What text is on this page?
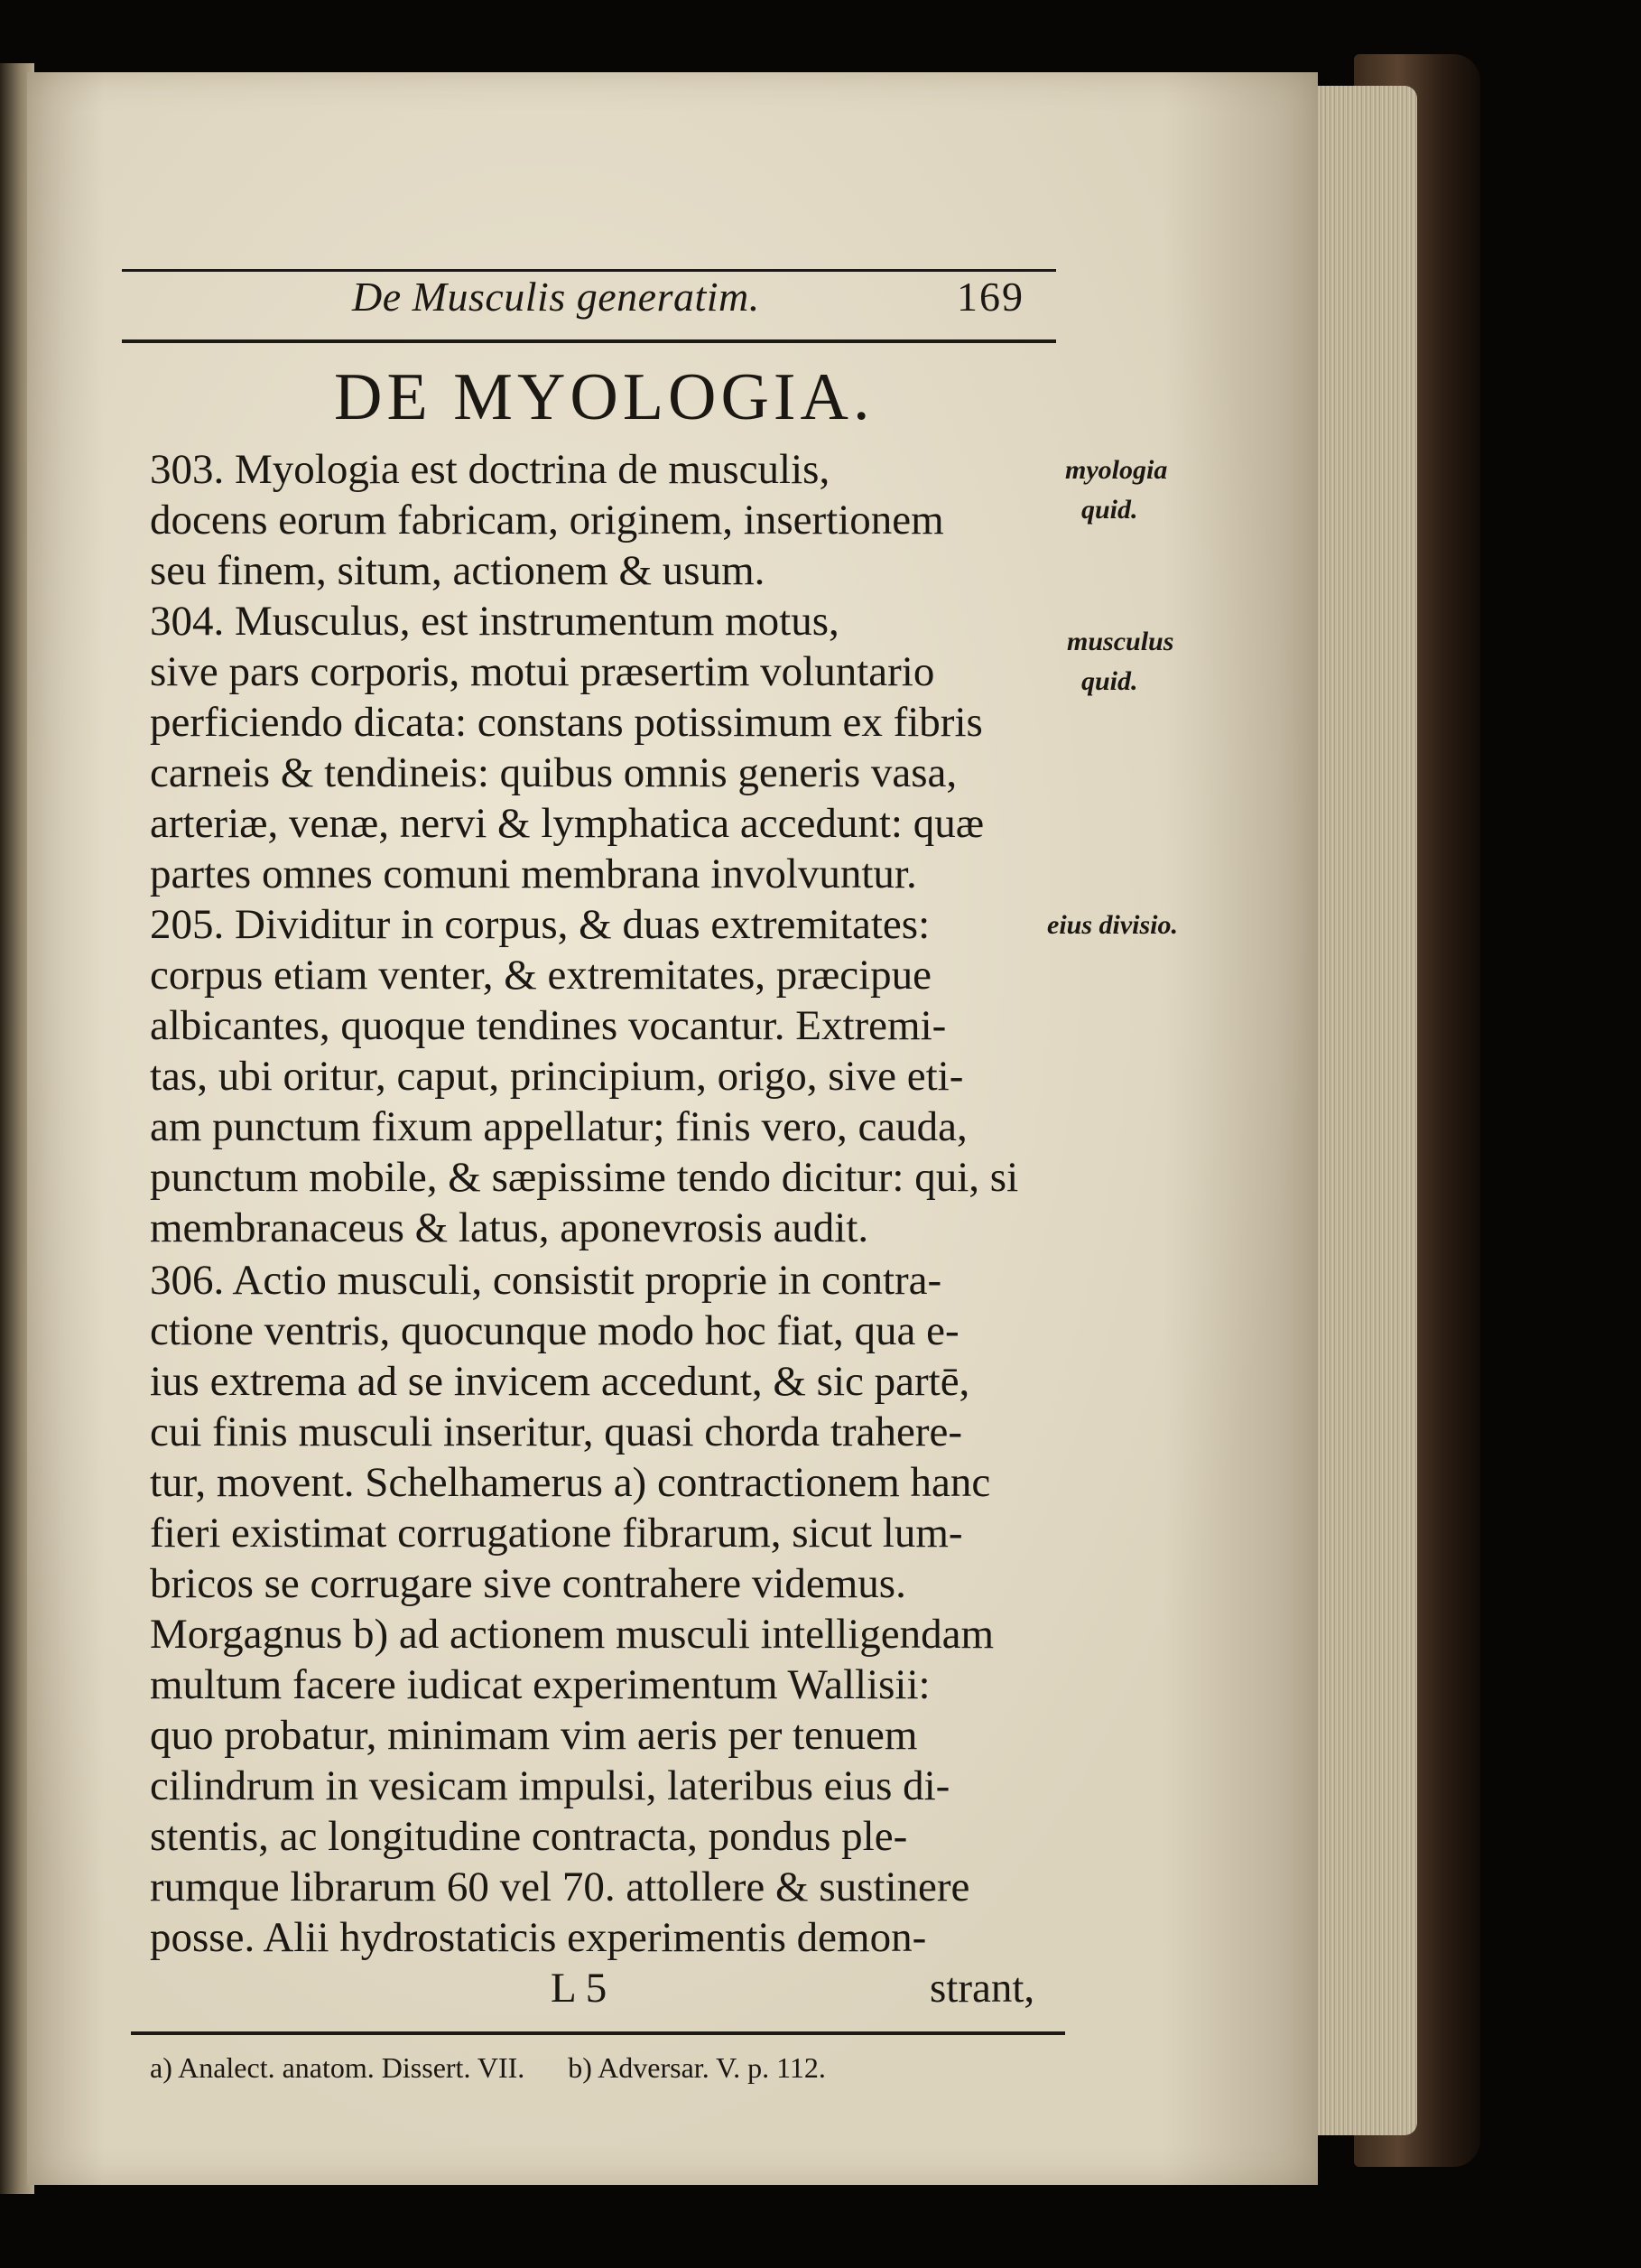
De Musculis generatim.	169
DE MYOLOGIA.
303. Myologia est doctrina de musculis,
docens eorum fabricam, originem, insertionem
seu finem, situm, actionem & usum.
304. Musculus, est instrumentum motus,
sive pars corporis, motui præsertim voluntario
perficiendo dicata: constans potissimum ex fibris
carneis & tendineis: quibus omnis generis vasa,
arteriæ, venæ, nervi & lymphatica accedunt: quæ
partes omnes comuni membrana involvuntur.
205. Dividitur in corpus, & duas extremitates:
corpus etiam venter, & extremitates, præcipue
albicantes, quoque tendines vocantur. Extremi-
tas, ubi oritur, caput, principium, origo, sive eti-
am punctum fixum appellatur; finis vero, cauda,
punctum mobile, & sæpissime tendo dicitur: qui, si
membranaceus & latus, aponevrosis audit.
306. Actio musculi, consistit proprie in contra-
ctione ventris, quocunque modo hoc fiat, qua e-
ius extrema ad se invicem accedunt, & sic partē,
cui finis musculi inseritur, quasi chorda trahere-
tur, movent. Schelhamerus a) contractionem hanc
fieri existimat corrugatione fibrarum, sicut lum-
bricos se corrugare sive contrahere videmus.
Morgagnus b) ad actionem musculi intelligendam
multum facere iudicat experimentum Wallisii:
quo probatur, minimam vim aeris per tenuem
cilindrum in vesicam impulsi, lateribus eius di-
stentis, ac longitudine contracta, pondus ple-
rumque librarum 60 vel 70. attollere & sustinere
posse. Alii hydrostaticis experimentis demon-
L 5	strant,
myologia
quid.
musculus
quid.
eius divisio.
a) Analect. anatom. Dissert. VII. b) Adversar. V. p. 112.
